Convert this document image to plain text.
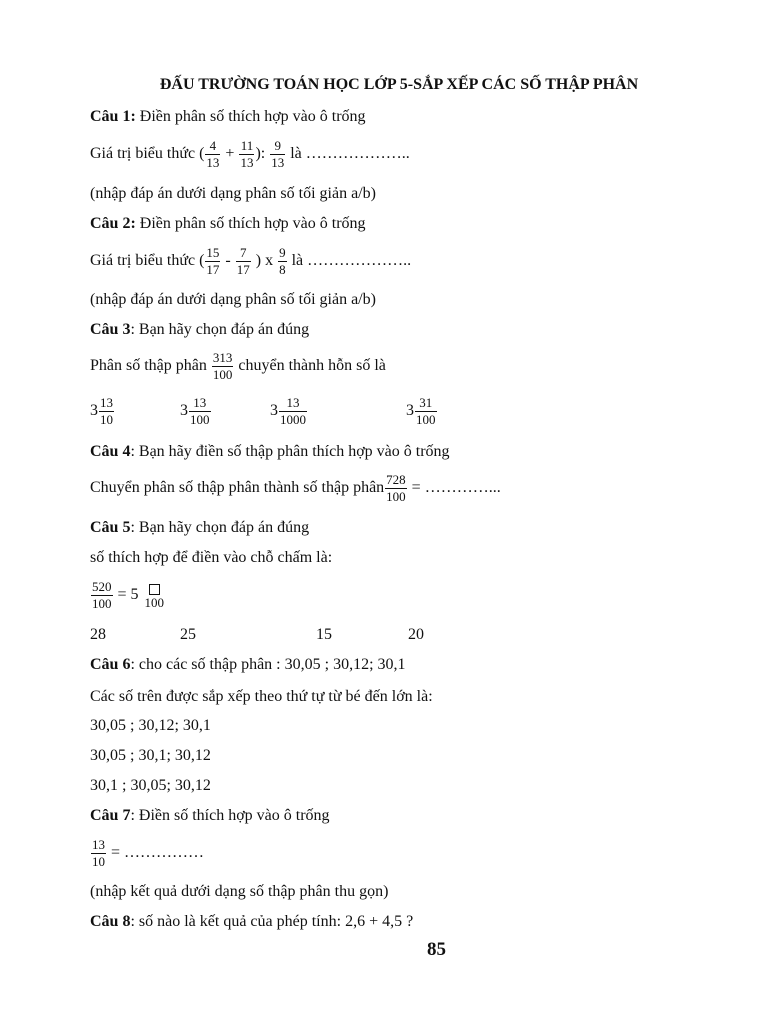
ĐẤU TRƯỜNG TOÁN HỌC LỚP 5-SẮP XẾP CÁC SỐ THẬP PHÂN
Câu 1: Điền phân số thích hợp vào ô trống
Giá trị biểu thức ( $\frac{4}{13} + \frac{11}{13}$ ): $\frac{9}{13}$ là ………………..
(nhập đáp án dưới dạng phân số tối giản a/b)
Câu 2: Điền phân số thích hợp vào ô trống
Giá trị biểu thức ( $\frac{15}{17} - \frac{7}{17}$ ) x $\frac{9}{8}$ là ………………..
(nhập đáp án dưới dạng phân số tối giản a/b)
Câu 3: Bạn hãy chọn đáp án đúng
Phân số thập phân $\frac{313}{100}$ chuyển thành hỗn số là
$3 \frac{13}{10}$	$3 \frac{13}{100}$	$3 \frac{13}{1000}$	$3 \frac{31}{100}$
Câu 4: Bạn hãy điền số thập phân thích hợp vào ô trống
Chuyển phân số thập phân thành số thập phân $\frac{728}{100}$ = …………...
Câu 5: Bạn hãy chọn đáp án đúng
số thích hợp để điền vào chỗ chấm là:
$\frac{520}{100} = 5$ 100
28	25	15	20
Câu 6: cho các số thập phân : 30,05 ; 30,12; 30,1
Các số trên được sắp xếp theo thứ tự từ bé đến lớn là:
30,05 ; 30,12; 30,1
30,05 ; 30,1; 30,12
30,1 ; 30,05; 30,12
Câu 7: Điền số thích hợp vào ô trống
$\frac{13}{10}$ = ……………
(nhập kết quả dưới dạng số thập phân thu gọn)
Câu 8: số nào là kết quả của phép tính: 2,6 + 4,5 ?
85
